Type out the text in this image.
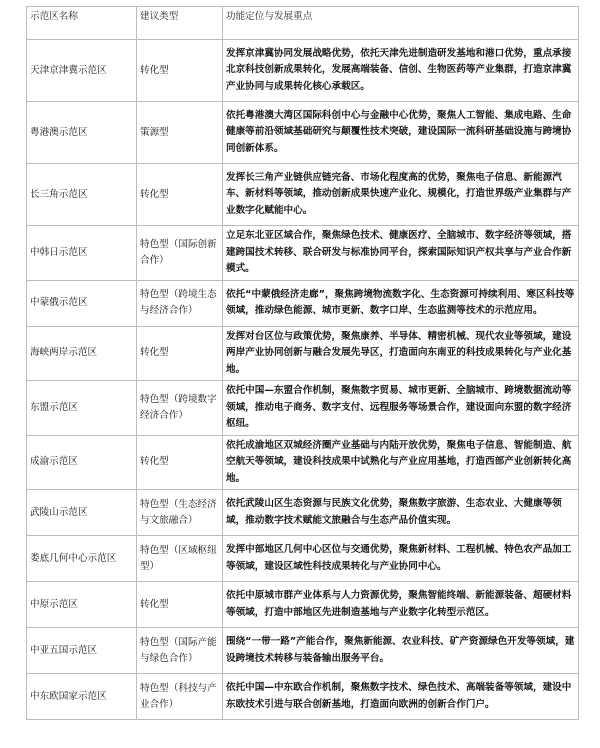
示范区名称	建议类型	功能定位与发展重点
天津京津冀示范区	转化型	发挥京津冀协同发展战略优势，依托天津先进制造研发基地和港口优势，重点承接北京科技创新成果转化，发展高端装备、信创、生物医药等产业集群，打造京津冀产业协同与成果转化核心承载区。
粤港澳示范区	策源型	依托粤港澳大湾区国际科创中心与金融中心优势，聚焦人工智能、集成电路、生命健康等前沿领域基础研究与颠覆性技术突破，建设国际一流科研基础设施与跨境协同创新体系。
长三角示范区	转化型	发挥长三角产业链供应链完备、市场化程度高的优势，聚焦电子信息、新能源汽车、新材料等领域，推动创新成果快速产业化、规模化，打造世界级产业集群与产业数字化赋能中心。
中韩日示范区	特色型（国际创新合作）	立足东北亚区域合作，聚焦绿色技术、健康医疗、全脑城市、数字经济等领域，搭建跨国技术转移、联合研发与标准协同平台，探索国际知识产权共享与产业合作新模式。
中蒙俄示范区	特色型（跨境生态与经济合作）	依托“中蒙俄经济走廊”，聚焦跨境物流数字化、生态资源可持续利用、寒区科技等领域，推动绿色能源、城市更新、数字口岸、生态监测等技术的示范应用。
海峡两岸示范区	转化型	发挥对台区位与政策优势，聚焦康养、半导体、精密机械、现代农业等领域，建设两岸产业协同创新与融合发展先导区，打造面向东南亚的科技成果转化与产业化基地。
东盟示范区	特色型（跨境数字经济合作）	依托中国—东盟合作机制，聚焦数字贸易、城市更新、全脑城市、跨境数据流动等领域，推动电子商务、数字支付、远程服务等场景合作，建设面向东盟的数字经济枢纽。
成渝示范区	转化型	依托成渝地区双城经济圈产业基础与内陆开放优势，聚焦电子信息、智能制造、航空航天等领域，建设科技成果中试熟化与产业应用基地，打造西部产业创新转化高地。
武陵山示范区	特色型（生态经济与文旅融合）	依托武陵山区生态资源与民族文化优势，聚焦数字旅游、生态农业、大健康等领域，推动数字技术赋能文旅融合与生态产品价值实现。
娄底几何中心示范区	特色型（区域枢纽型）	发挥中部地区几何中心区位与交通优势，聚焦新材料、工程机械、特色农产品加工等领域，建设区域性科技成果转化与产业协同中心。
中原示范区	转化型	依托中原城市群产业体系与人力资源优势，聚焦智能终端、新能源装备、超硬材料等领域，打造中部地区先进制造基地与产业数字化转型示范区。
中亚五国示范区	特色型（国际产能与绿色合作）	围绕“一带一路”产能合作，聚焦新能源、农业科技、矿产资源绿色开发等领域，建设跨境技术转移与装备输出服务平台。
中东欧国家示范区	特色型（科技与产业合作）	依托中国—中东欧合作机制，聚焦数字技术、绿色技术、高端装备等领域，建设中东欧技术引进与联合创新基地，打造面向欧洲的创新合作门户。
